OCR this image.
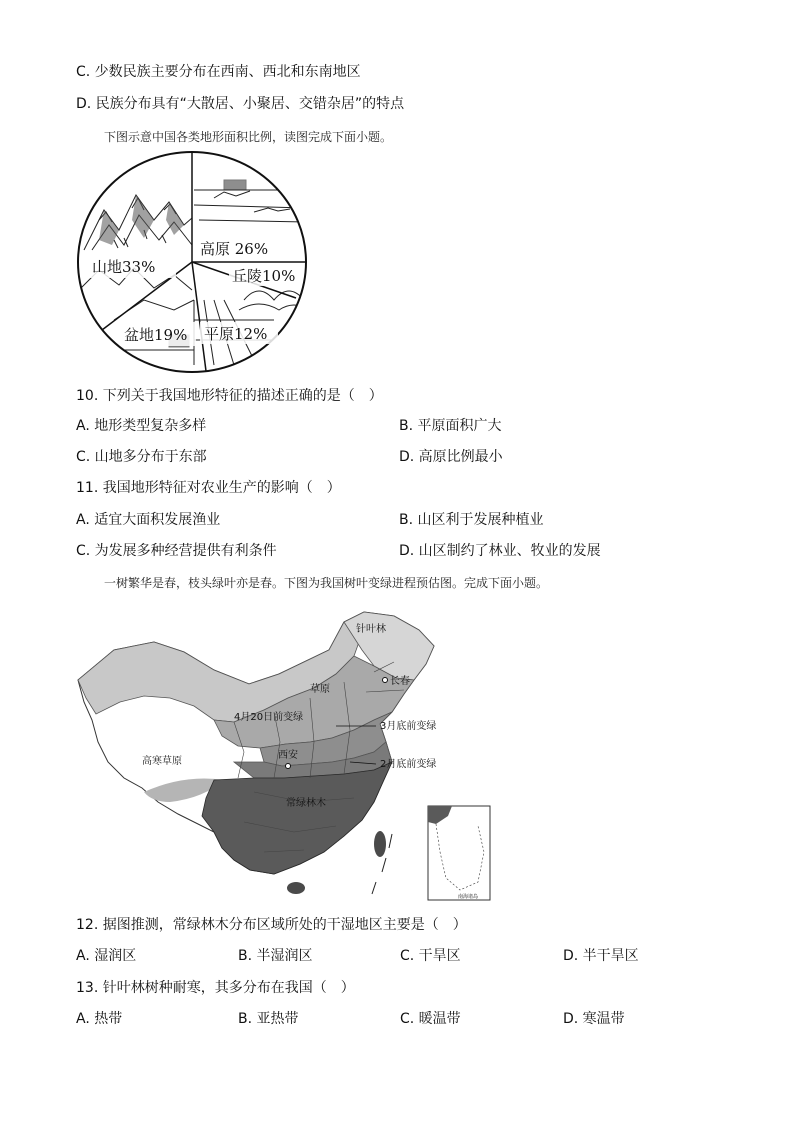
C. 少数民族主要分布在西南、西北和东南地区
D. 民族分布具有“大散居、小聚居、交错杂居”的特点
下图示意中国各类地形面积比例，读图完成下面小题。
高原 26%
山地33%	丘陵10%
盆地19% 平原12%
10. 下列关于我国地形特征的描述正确的是（　）
A. 地形类型复杂多样	B. 平原面积广大
C. 山地多分布于东部	D. 高原比例最小
11. 我国地形特征对农业生产的影响（　）
A. 适宜大面积发展渔业	B. 山区利于发展种植业
C. 为发展多种经营提供有利条件	D. 山区制约了林业、牧业的发展
一树繁华是春，枝头绿叶亦是春。下图为我国树叶变绿进程预估图。完成下面小题。
针叶林
长春
草原
4月20日前变绿
3月底前变绿
高寒草原
西安
2月底前变绿
常绿林木
南海诸岛
12. 据图推测，常绿林木分布区域所处的干湿地区主要是（　）
A. 湿润区	B. 半湿润区	C. 干旱区	D. 半干旱区
13. 针叶林树种耐寒，其多分布在我国（　）
A. 热带	B. 亚热带	C. 暖温带	D. 寒温带
